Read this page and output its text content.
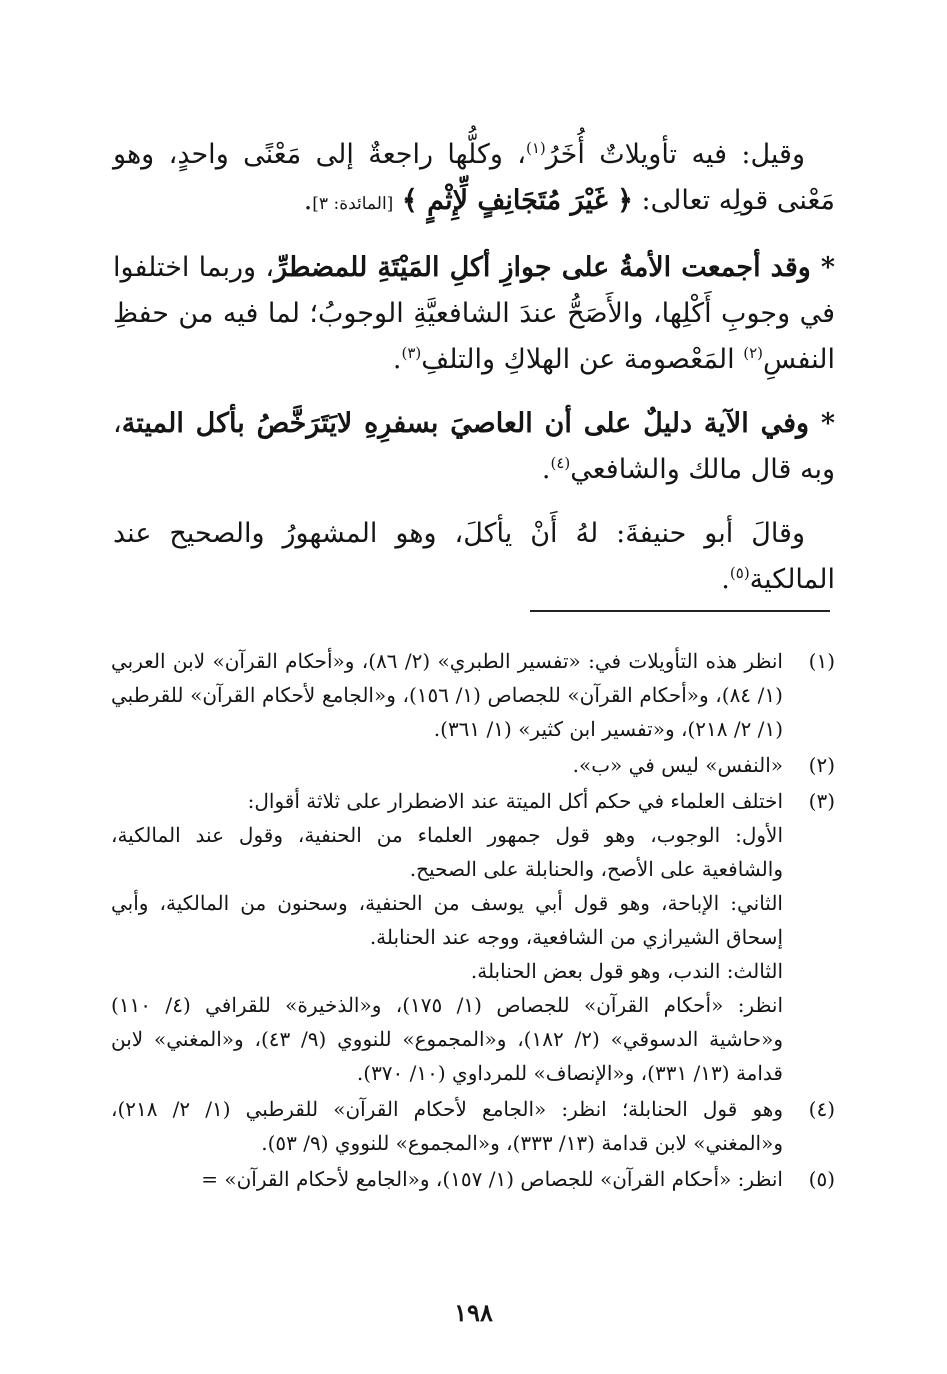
وقيل: فيه تأويلاتٌ أُخَرُ$^{(١)}$، وكلُّها راجعةٌ إلى مَعْنًى واحدٍ، وهو مَعْنى قولِه تعالى: ﴿ غَيْرَ مُتَجَانِفٍ لِّإِثْمٍ ﴾ [المائدة: ٣].

* وقد أجمعت الأمةُ على جوازِ أكلِ المَيْتَةِ للمضطرِّ، وربما اختلفوا في وجوبِ أَكْلِها، والأَصَحُّ عندَ الشافعيَّةِ الوجوبُ؛ لما فيه من حفظِ النفسِ$^{(٢)}$ المَعْصومة عن الهلاكِ والتلفِ$^{(٣)}$.

* وفي الآية دليلٌ على أن العاصيَ بسفرِهِ لايَتَرَخَّصُ بأكل الميتة، وبه قال مالك والشافعي$^{(٤)}$.

وقالَ أبو حنيفةَ: لهُ أَنْ يأكلَ، وهو المشهورُ والصحيح عند المالكية$^{(٥)}$.

(١)
انظر هذه التأويلات في: «تفسير الطبري» (٢/ ٨٦)، و«أحكام القرآن» لابن العربي (١/ ٨٤)، و«أحكام القرآن» للجصاص (١/ ١٥٦)، و«الجامع لأحكام القرآن» للقرطبي (١/ ٢/ ٢١٨)، و«تفسير ابن كثير» (١/ ٣٦١).
(٢)
«النفس» ليس في «ب».
(٣)
اختلف العلماء في حكم أكل الميتة عند الاضطرار على ثلاثة أقوال:
الأول: الوجوب، وهو قول جمهور العلماء من الحنفية، وقول عند المالكية، والشافعية على الأصح، والحنابلة على الصحيح.
الثاني: الإباحة، وهو قول أبي يوسف من الحنفية، وسحنون من المالكية، وأبي إسحاق الشيرازي من الشافعية، ووجه عند الحنابلة.
الثالث: الندب، وهو قول بعض الحنابلة.
انظر: «أحكام القرآن» للجصاص (١/ ١٧٥)، و«الذخيرة» للقرافي (٤/ ١١٠) و«حاشية الدسوقي» (٢/ ١٨٢)، و«المجموع» للنووي (٩/ ٤٣)، و«المغني» لابن قدامة (١٣/ ٣٣١)، و«الإنصاف» للمرداوي (١٠/ ٣٧٠).
(٤)
وهو قول الحنابلة؛ انظر: «الجامع لأحكام القرآن» للقرطبي (١/ ٢/ ٢١٨)، و«المغني» لابن قدامة (١٣/ ٣٣٣)، و«المجموع» للنووي (٩/ ٥٣).
(٥)
انظر: «أحكام القرآن» للجصاص (١/ ١٥٧)، و«الجامع لأحكام القرآن» =
١٩٨
